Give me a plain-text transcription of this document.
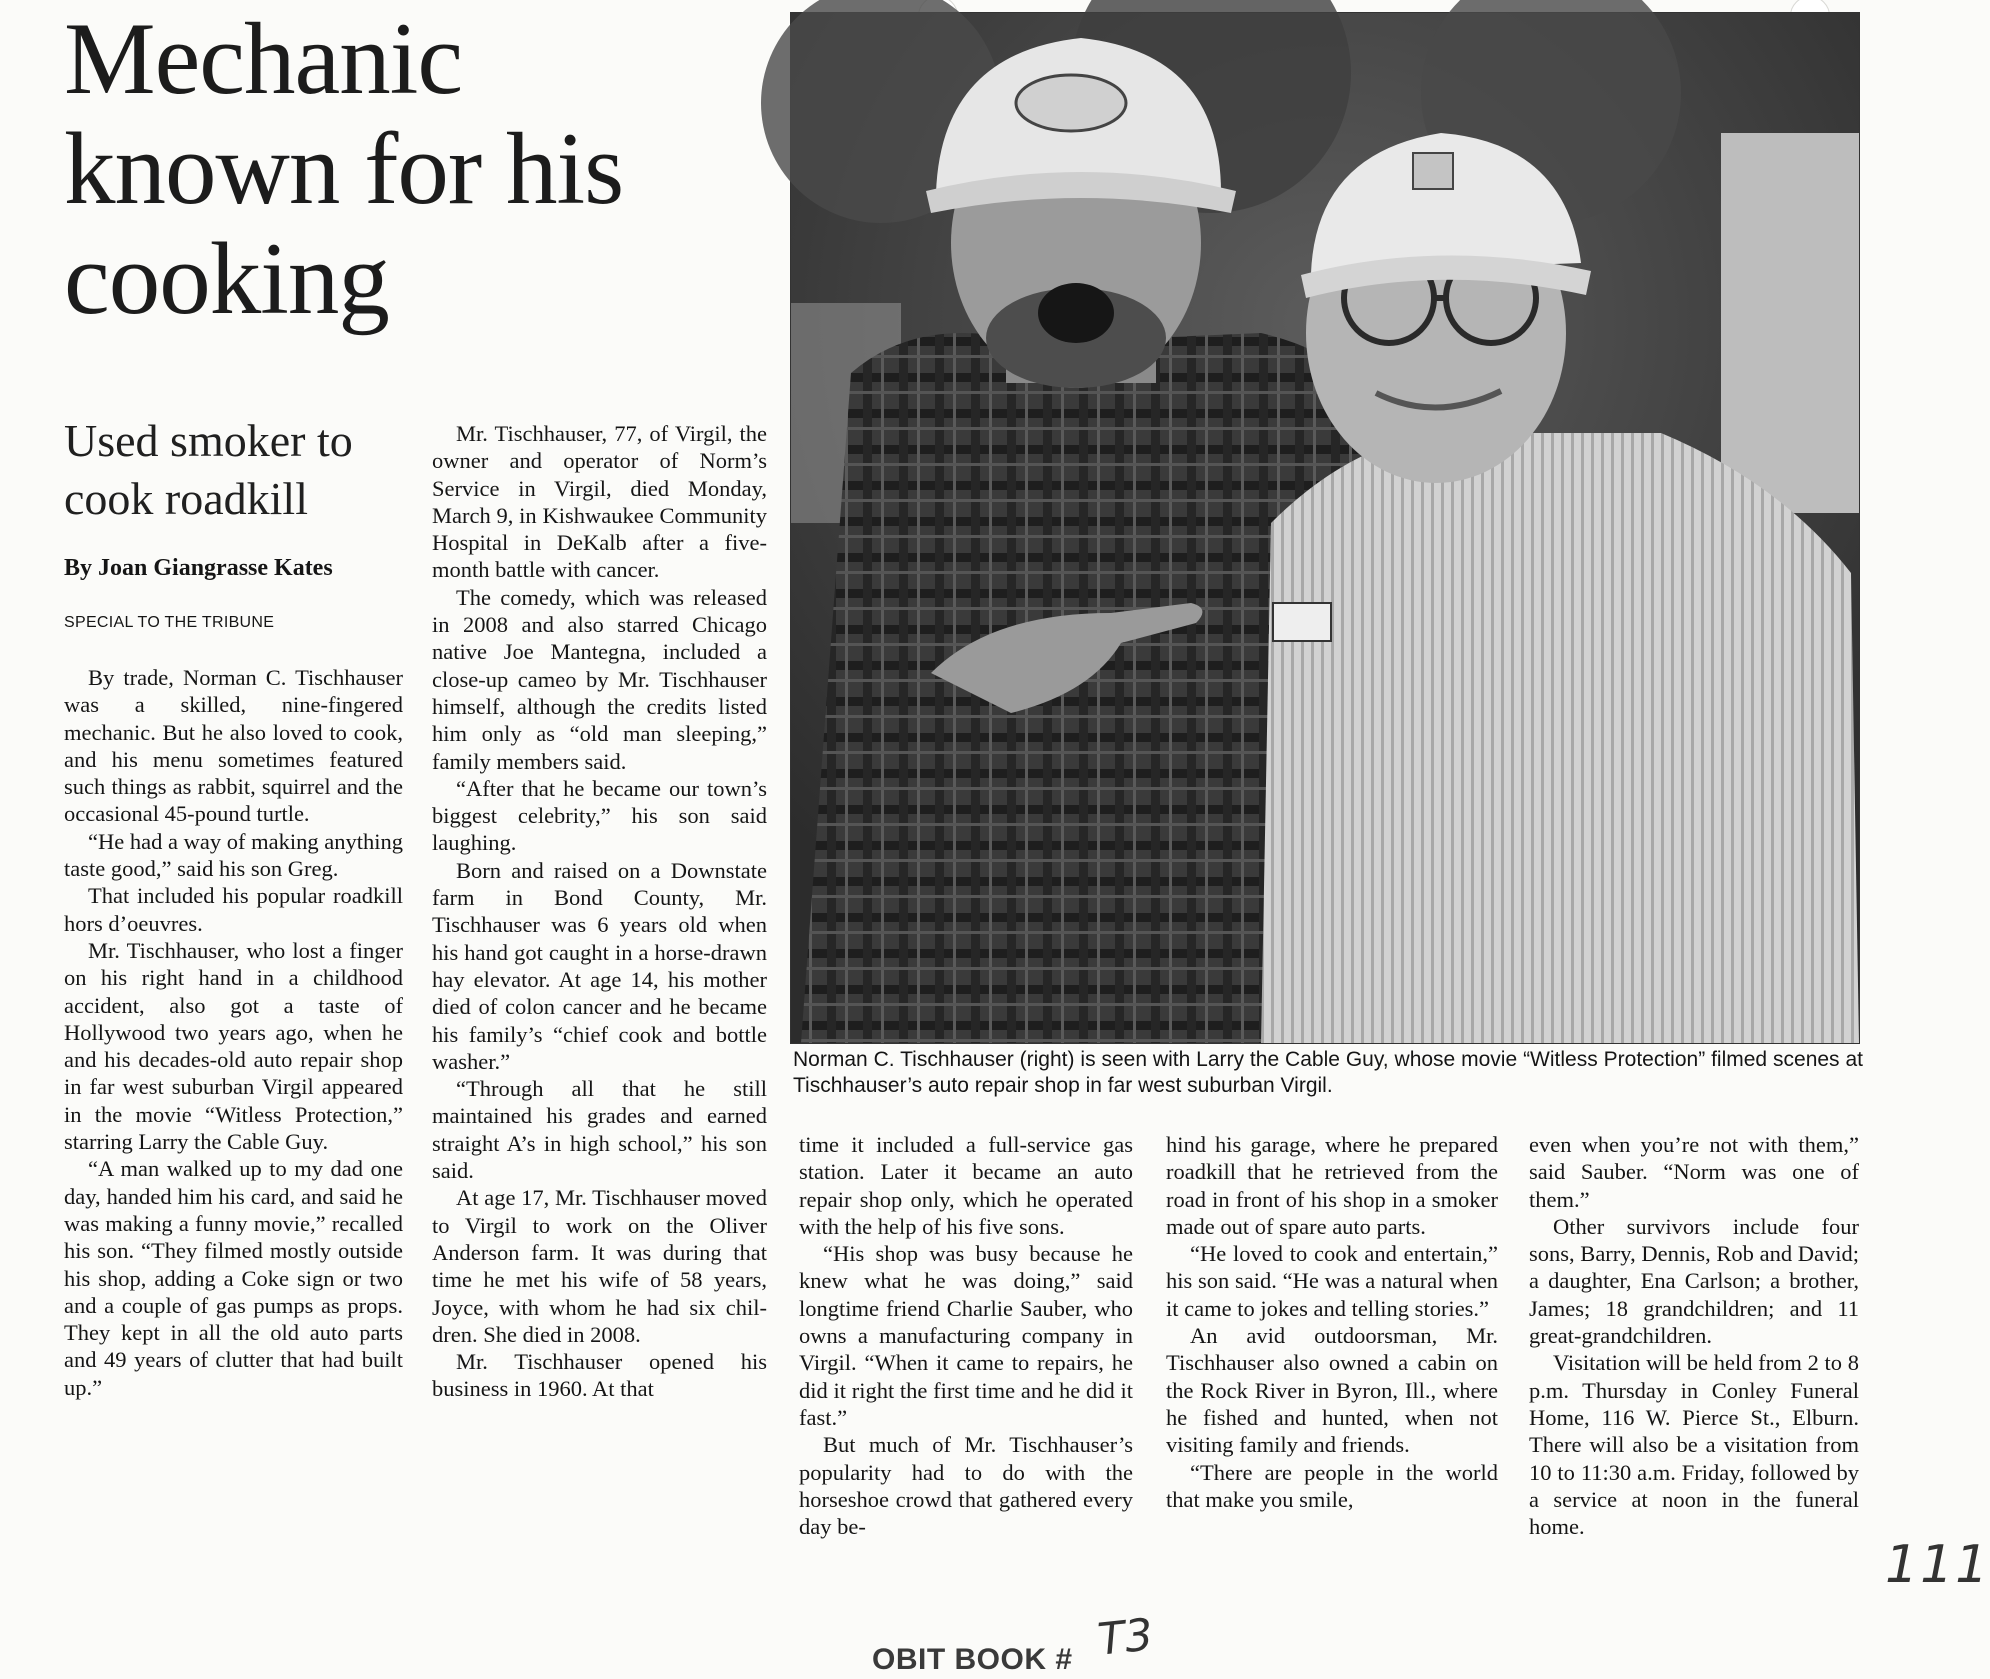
Mechanic known for his cooking
Used smoker to cook roadkill

By Joan Giangrasse Kates

SPECIAL TO THE TRIBUNE

By trade, Norman C. Tischhauser was a skilled, nine-fingered mechanic. But he also loved to cook, and his menu sometimes featured such things as rabbit, squirrel and the occasional 45-pound turtle.

“He had a way of making anything taste good,” said his son Greg.

That included his popular roadkill hors d’oeuvres.

Mr. Tischhauser, who lost a finger on his right hand in a childhood accident, also got a taste of Hollywood two years ago, when he and his decades-old auto repair shop in far west suburban Virgil appeared in the movie “Witless Protection,” starring Larry the Cable Guy.

“A man walked up to my dad one day, handed him his card, and said he was making a funny movie,” recalled his son. “They filmed mostly outside his shop, adding a Coke sign or two and a couple of gas pumps as props. They kept in all the old auto parts and 49 years of clutter that had built up.”

Mr. Tischhauser, 77, of Virgil, the owner and operator of Norm’s Service in Virgil, died Monday, March 9, in Kishwaukee Community Hospital in DeKalb after a five-month battle with cancer.

The comedy, which was released in 2008 and also starred Chicago native Joe Mantegna, included a close-up cameo by Mr. Tischhauser himself, although the credits listed him only as “old man sleeping,” family members said.

“After that he became our town’s biggest celebrity,” his son said laughing.

Born and raised on a Downstate farm in Bond County, Mr. Tischhauser was 6 years old when his hand got caught in a horse-drawn hay elevator. At age 14, his mother died of colon cancer and he became his family’s “chief cook and bottle washer.”

“Through all that he still maintained his grades and earned straight A’s in high school,” his son said.

At age 17, Mr. Tischhauser moved to Virgil to work on the Oliver Anderson farm. It was during that time he met his wife of 58 years, Joyce, with whom he had six children. She died in 2008.

Mr. Tischhauser opened his business in 1960. At that

Norman C. Tischhauser (right) is seen with Larry the Cable Guy, whose movie “Witless Protection” filmed scenes at Tischhauser’s auto repair shop in far west suburban Virgil.

time it included a full-service gas station. Later it became an auto repair shop only, which he operated with the help of his five sons.

“His shop was busy because he knew what he was doing,” said longtime friend Charlie Sauber, who owns a manufacturing company in Virgil. “When it came to repairs, he did it right the first time and he did it fast.”

But much of Mr. Tischhauser’s popularity had to do with the horseshoe crowd that gathered every day be-

hind his garage, where he prepared roadkill that he retrieved from the road in front of his shop in a smoker made out of spare auto parts.

“He loved to cook and entertain,” his son said. “He was a natural when it came to jokes and telling stories.”

An avid outdoorsman, Mr. Tischhauser also owned a cabin on the Rock River in Byron, Ill., where he fished and hunted, when not visiting family and friends.

“There are people in the world that make you smile,

even when you’re not with them,” said Sauber. “Norm was one of them.”

Other survivors include four sons, Barry, Dennis, Rob and David; a daughter, Ena Carlson; a brother, James; 18 grandchildren; and 11 great-grandchildren.

Visitation will be held from 2 to 8 p.m. Thursday in Conley Funeral Home, 116 W. Pierce St., Elburn. There will also be a visitation from 10 to 11:30 a.m. Friday, followed by a service at noon in the funeral home.

OBIT BOOK # T3

111
